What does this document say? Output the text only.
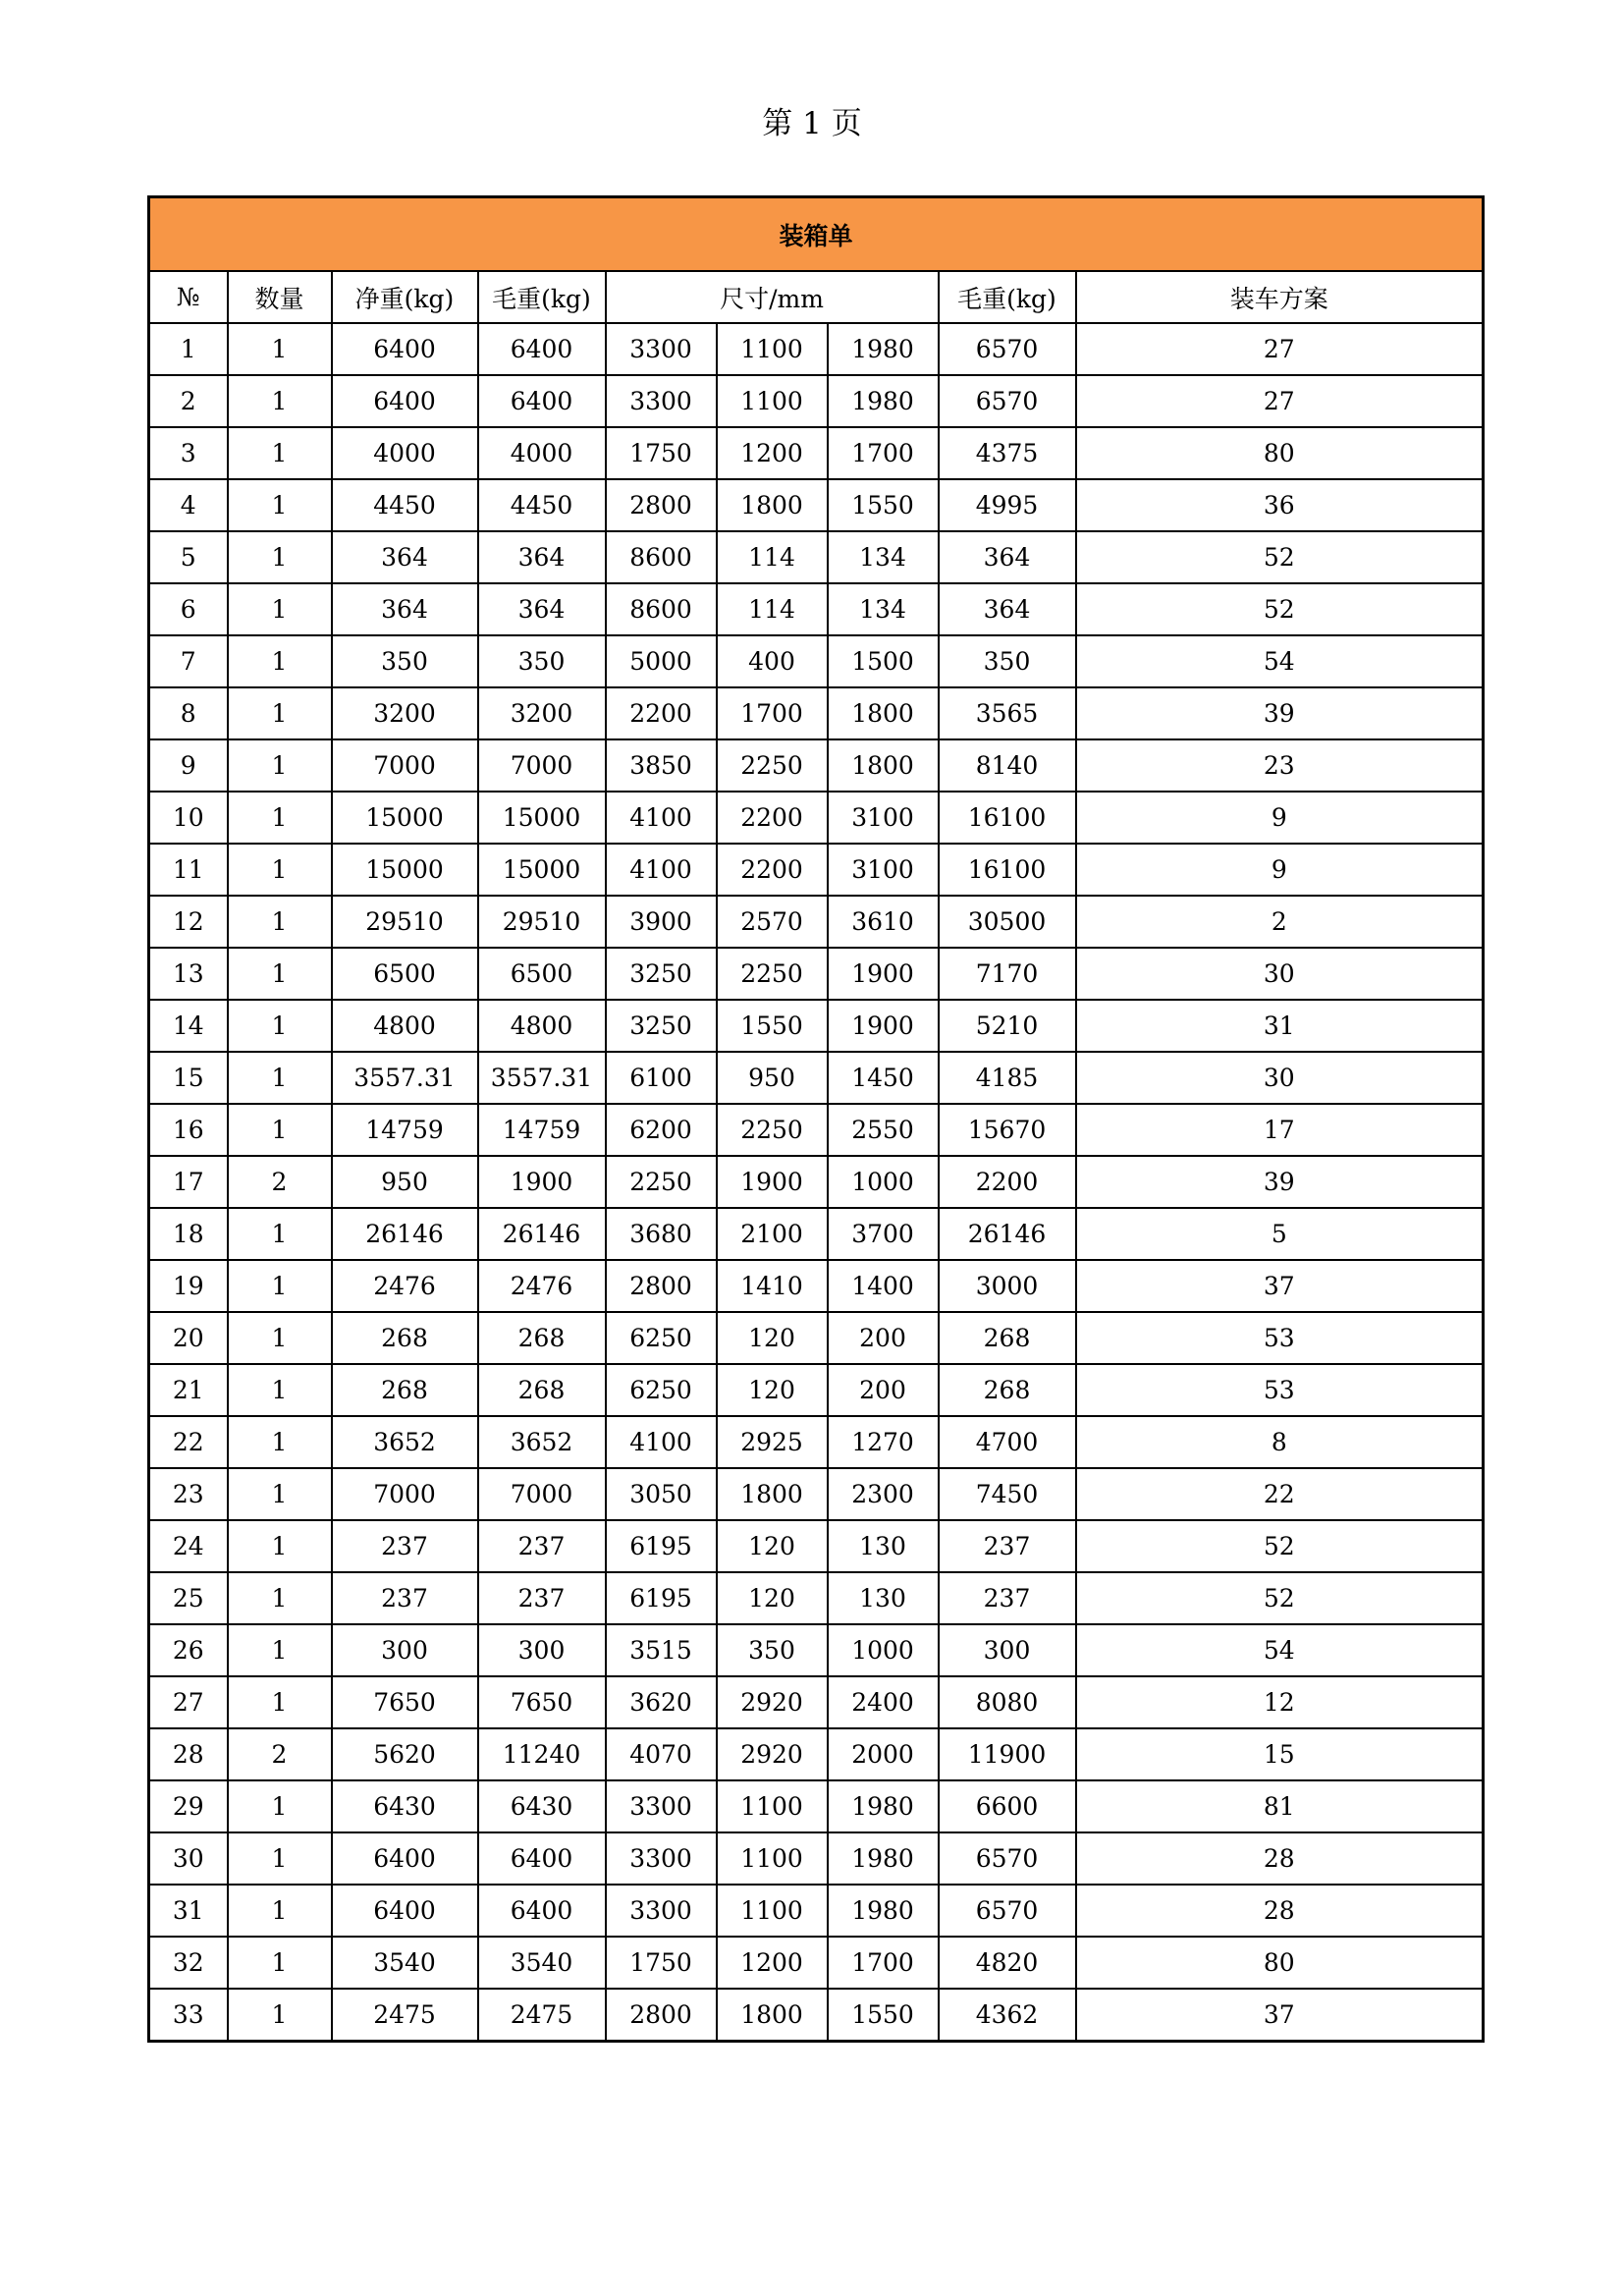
第 1 页
装箱单								
№	数量	净重(kg)	毛重(kg)	尺寸/mm			毛重(kg)	装车方案
1	1	6400	6400	3300	1100	1980	6570	27
2	1	6400	6400	3300	1100	1980	6570	27
3	1	4000	4000	1750	1200	1700	4375	80
4	1	4450	4450	2800	1800	1550	4995	36
5	1	364	364	8600	114	134	364	52
6	1	364	364	8600	114	134	364	52
7	1	350	350	5000	400	1500	350	54
8	1	3200	3200	2200	1700	1800	3565	39
9	1	7000	7000	3850	2250	1800	8140	23
10	1	15000	15000	4100	2200	3100	16100	9
11	1	15000	15000	4100	2200	3100	16100	9
12	1	29510	29510	3900	2570	3610	30500	2
13	1	6500	6500	3250	2250	1900	7170	30
14	1	4800	4800	3250	1550	1900	5210	31
15	1	3557.31	3557.31	6100	950	1450	4185	30
16	1	14759	14759	6200	2250	2550	15670	17
17	2	950	1900	2250	1900	1000	2200	39
18	1	26146	26146	3680	2100	3700	26146	5
19	1	2476	2476	2800	1410	1400	3000	37
20	1	268	268	6250	120	200	268	53
21	1	268	268	6250	120	200	268	53
22	1	3652	3652	4100	2925	1270	4700	8
23	1	7000	7000	3050	1800	2300	7450	22
24	1	237	237	6195	120	130	237	52
25	1	237	237	6195	120	130	237	52
26	1	300	300	3515	350	1000	300	54
27	1	7650	7650	3620	2920	2400	8080	12
28	2	5620	11240	4070	2920	2000	11900	15
29	1	6430	6430	3300	1100	1980	6600	81
30	1	6400	6400	3300	1100	1980	6570	28
31	1	6400	6400	3300	1100	1980	6570	28
32	1	3540	3540	1750	1200	1700	4820	80
33	1	2475	2475	2800	1800	1550	4362	37
